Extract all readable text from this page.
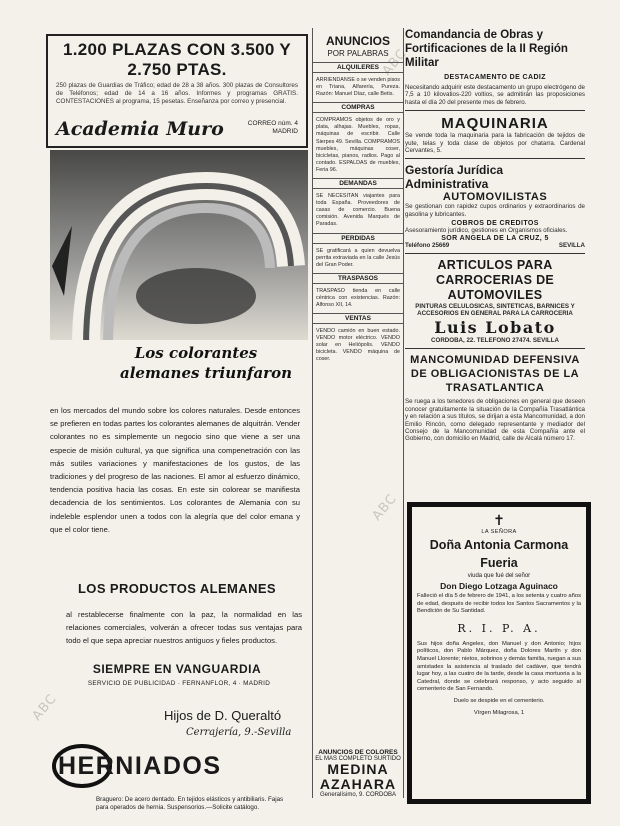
ABC
ABC
ABC
1.200 PLAZAS CON 3.500 Y 2.750 PTAS.
250 plazas de Guardias de Tráfico; edad de 28 a 38 años. 300 plazas de Consultores de Teléfonos; edad de 14 a 16 años. Informes y programas GRATIS. CONTESTACIONES al programa, 15 pesetas. Enseñanza por correo y presencial.
Academia Muro	CORREO núm. 4
MADRID
Los colorantes
alemanes triunfaron
en los mercados del mundo sobre los colores naturales. Desde entonces se prefieren en todas partes los colorantes alemanes de alquitrán. Vender colorantes no es simplemente un negocio sino que viene a ser una especie de misión cultural, ya que significa una compenetración con las más sutiles variaciones y manifestaciones de los gustos, de las tradiciones y del progreso de las naciones. El amor al esfuerzo dinámico, tendencia positiva hacia las cosas. En este sin colorear se manifiesta decadencia de los sentimientos. Los colorantes de Alemania con su indeleble esplendor unen a todos con la alegría que del color emana y que el color tiene.
LOS PRODUCTOS ALEMANES
al restablecerse finalmente con la paz, la normalidad en las relaciones comerciales, volverán a ofrecer todas sus ventajas para todo el que sepa apreciar nuestros antiguos y fieles productos.
SIEMPRE EN VANGUARDIA
SERVICIO DE PUBLICIDAD · FERNANFLOR, 4 · MADRID
Hijos de D. Queraltó
Cerrajería, 9.-Sevilla
HERNIADOS
Braguero: De acero dentado. En tejidos elásticos y antibiliaris. Fajas para operados de hernia. Suspensorios.—Solicite catálogo.
ANUNCIOS
POR PALABRAS
ALQUILERES
ARRIENDANSE o se venden pisos en Triana, Alfarería, Pureza. Razón: Manuel Díaz, calle Betis.
COMPRAS
COMPRAMOS objetos de oro y plata, alhajas. Muebles, ropas, máquinas de escribir. Calle Sierpes 49. Sevilla. COMPRAMOS muebles, máquinas coser, bicicletas, pianos, radios. Pago al contado. ESPALDAS de muebles, Feria 96.
DEMANDAS
SE NECESITAN viajantes para toda España. Proveedores de casas de comercio. Buena comisión. Avenida Marqués de Paradas.
PERDIDAS
SE gratificará a quien devuelva perrita extraviada en la calle Jesús del Gran Poder.
TRASPASOS
TRASPASO tienda en calle céntrica con existencias. Razón: Alfonso XII, 14.
VENTAS
VENDO camión en buen estado. VENDO motor eléctrico. VENDO solar en Heliópolis. VENDO bicicleta. VENDO máquina de coser.
ANUNCIOS DE COLORES
EL MAS COMPLETO SURTIDO
MEDINA AZAHARA
Generalísimo, 9. CORDOBA
Comandancia de Obras y Fortificaciones de la II Región Militar
DESTACAMENTO DE CADIZ
Necesitando adquirir este destacamento un grupo electrógeno de 7,5 a 10 kilovatios-220 voltios, se admitirán las proposiciones hasta el día 20 del presente mes de febrero.
MAQUINARIA
Se vende toda la maquinaria para la fabricación de tejidos de yute, telas y toda clase de objetos por chatarra. Cardenal Cervantes, 5.
Gestoría Jurídica Administrativa
AUTOMOVILISTAS
Se gestionan con rapidez cupos ordinarios y extraordinarios de gasolina y lubricantes.
COBROS DE CREDITOS
Asesoramiento jurídico, gestiones en Organismos oficiales.
SOR ANGELA DE LA CRUZ, 5
Teléfono 25669	SEVILLA
ARTICULOS PARA CARROCERIAS DE AUTOMOVILES
PINTURAS CELULOSICAS, SINTETICAS, BARNICES Y ACCESORIOS EN GENERAL PARA LA CARROCERIA
Luis Lobato
CORDOBA, 22. TELEFONO 27474. SEVILLA
MANCOMUNIDAD DEFENSIVA DE OBLIGACIONISTAS DE LA TRASATLANTICA
Se ruega a los tenedores de obligaciones en general que deseen conocer gratuitamente la situación de la Compañía Trasatlántica y en relación a sus títulos, se dirijan a esta Mancomunidad, a don Emilio Rincón, como delegado representante y mediador del Consejo de la Mancomunidad de esta Compañía ante el Gobierno, con domicilio en Madrid, calle de Alcalá número 17.
✝
LA SEÑORA
Doña Antonia Carmona
Fueria
viuda que fué del señor
Don Diego Lotzaga Aguinaco
Falleció el día 5 de febrero de 1941, a los setenta y cuatro años de edad, después de recibir todos los Santos Sacramentos y la Bendición de Su Santidad.
R. I. P. A.
Sus hijos doña Angeles, don Manuel y don Antonio; hijos políticos, don Pablo Márquez, doña Dolores Martín y don Manuel Llorente; nietos, sobrinos y demás familia, ruegan a sus amistades la asistencia al traslado del cadáver, que tendrá lugar hoy, a las cuatro de la tarde, desde la casa mortuoria a la Catedral, donde se celebrará responso, y acto seguido al cementerio de San Fernando.
Duelo se despide en el cementerio.
Vírgen Milagrosa, 1
